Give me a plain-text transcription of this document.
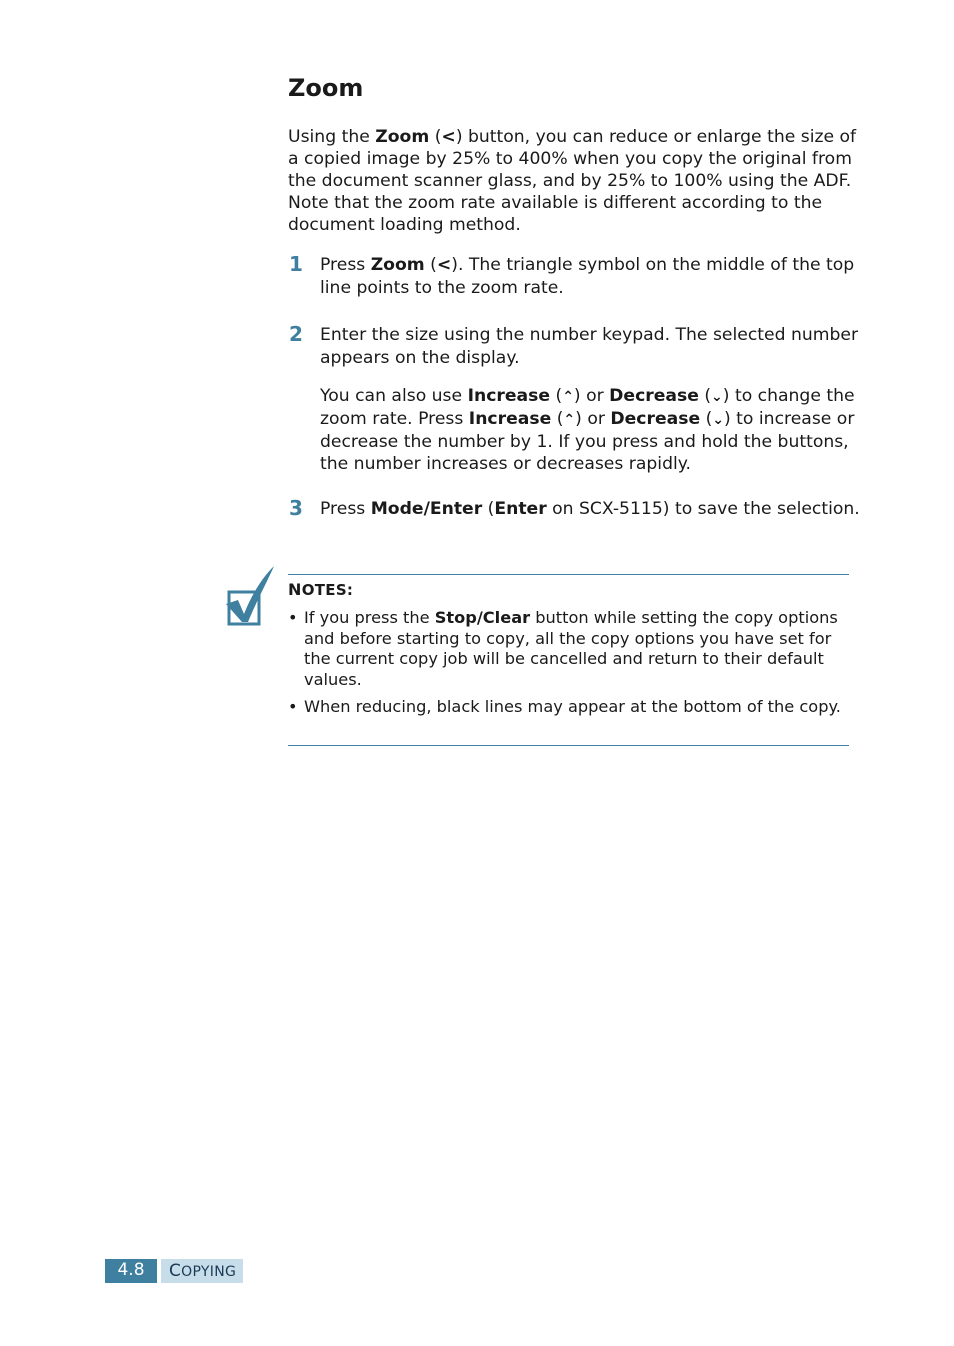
Zoom
Using the Zoom (<) button, you can reduce or enlarge the size of a copied image by 25% to 400% when you copy the original from the document scanner glass, and by 25% to 100% using the ADF. Note that the zoom rate available is different according to the document loading method.
1 Press Zoom (<). The triangle symbol on the middle of the top line points to the zoom rate.
2 Enter the size using the number keypad. The selected number appears on the display.
You can also use Increase (⌃) or Decrease (⌄) to change the zoom rate. Press Increase (⌃) or Decrease (⌄) to increase or decrease the number by 1. If you press and hold the buttons, the number increases or decreases rapidly.
3 Press Mode/Enter (Enter on SCX-5115) to save the selection.
NOTES:
• If you press the Stop/Clear button while setting the copy options and before starting to copy, all the copy options you have set for the current copy job will be cancelled and return to their default values.
• When reducing, black lines may appear at the bottom of the copy.
4.8	COPYING
